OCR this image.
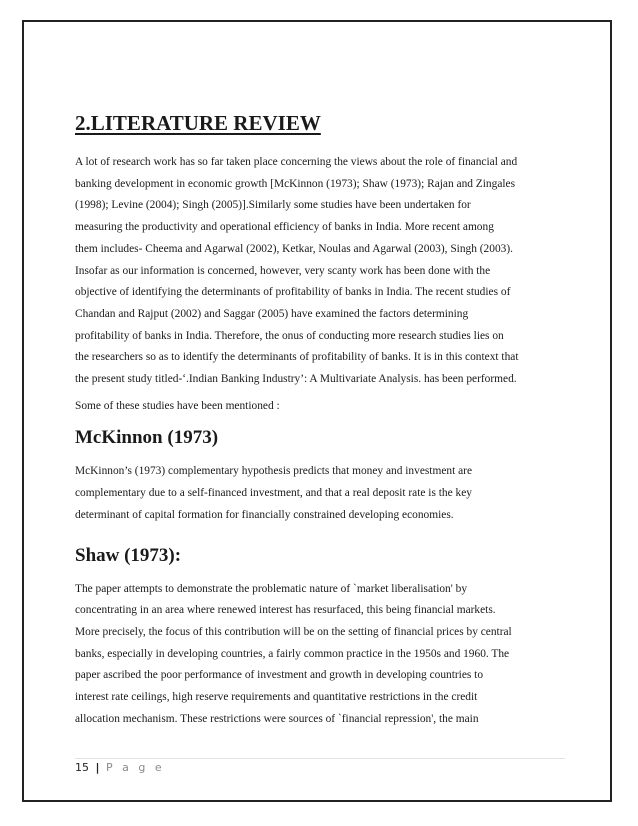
2.LITERATURE REVIEW

A lot of research work has so far taken place concerning the views about the role of financial and
banking development in economic growth [McKinnon (1973); Shaw (1973); Rajan and Zingales
(1998); Levine (2004); Singh (2005)].Similarly some studies have been undertaken for
measuring the productivity and operational efficiency of banks in India. More recent among
them includes- Cheema and Agarwal (2002), Ketkar, Noulas and Agarwal (2003), Singh (2003).
Insofar as our information is concerned, however, very scanty work has been done with the
objective of identifying the determinants of profitability of banks in India. The recent studies of
Chandan and Rajput (2002) and Saggar (2005) have examined the factors determining
profitability of banks in India. Therefore, the onus of conducting more research studies lies on
the researchers so as to identify the determinants of profitability of banks. It is in this context that
the present study titled-‘.Indian Banking Industry’: A Multivariate Analysis. has been performed.

Some of these studies have been mentioned :

McKinnon (1973)

McKinnon’s (1973) complementary hypothesis predicts that money and investment are
complementary due to a self-financed investment, and that a real deposit rate is the key
determinant of capital formation for financially constrained developing economies.

Shaw (1973):

The paper attempts to demonstrate the problematic nature of `market liberalisation' by
concentrating in an area where renewed interest has resurfaced, this being financial markets.
More precisely, the focus of this contribution will be on the setting of financial prices by central
banks, especially in developing countries, a fairly common practice in the 1950s and 1960. The
paper ascribed the poor performance of investment and growth in developing countries to
interest rate ceilings, high reserve requirements and quantitative restrictions in the credit
allocation mechanism. These restrictions were sources of `financial repression', the main

15 | P a g e
